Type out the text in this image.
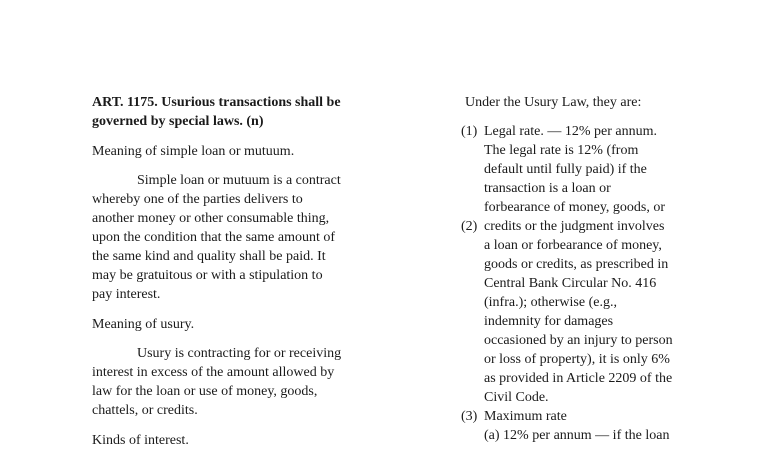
ART. 1175. Usurious transactions shall be
governed by special laws. (n)
Meaning of simple loan or mutuum.
Simple loan or mutuum is a contract
whereby one of the parties delivers to
another money or other consumable thing,
upon the condition that the same amount of
the same kind and quality shall be paid. It
may be gratuitous or with a stipulation to
pay interest.
Meaning of usury.
Usury is contracting for or receiving
interest in excess of the amount allowed by
law for the loan or use of money, goods,
chattels, or credits.
Kinds of interest.
Under the Usury Law, they are:
(1) Legal rate. — 12% per annum.
The legal rate is 12% (from
default until fully paid) if the
transaction is a loan or
forbearance of money, goods, or
(2) credits or the judgment involves
a loan or forbearance of money,
goods or credits, as prescribed in
Central Bank Circular No. 416
(infra.); otherwise (e.g.,
indemnity for damages
occasioned by an injury to person
or loss of property), it is only 6%
as provided in Article 2209 of the
Civil Code.
(3) Maximum rate
(a) 12% per annum — if the loan
